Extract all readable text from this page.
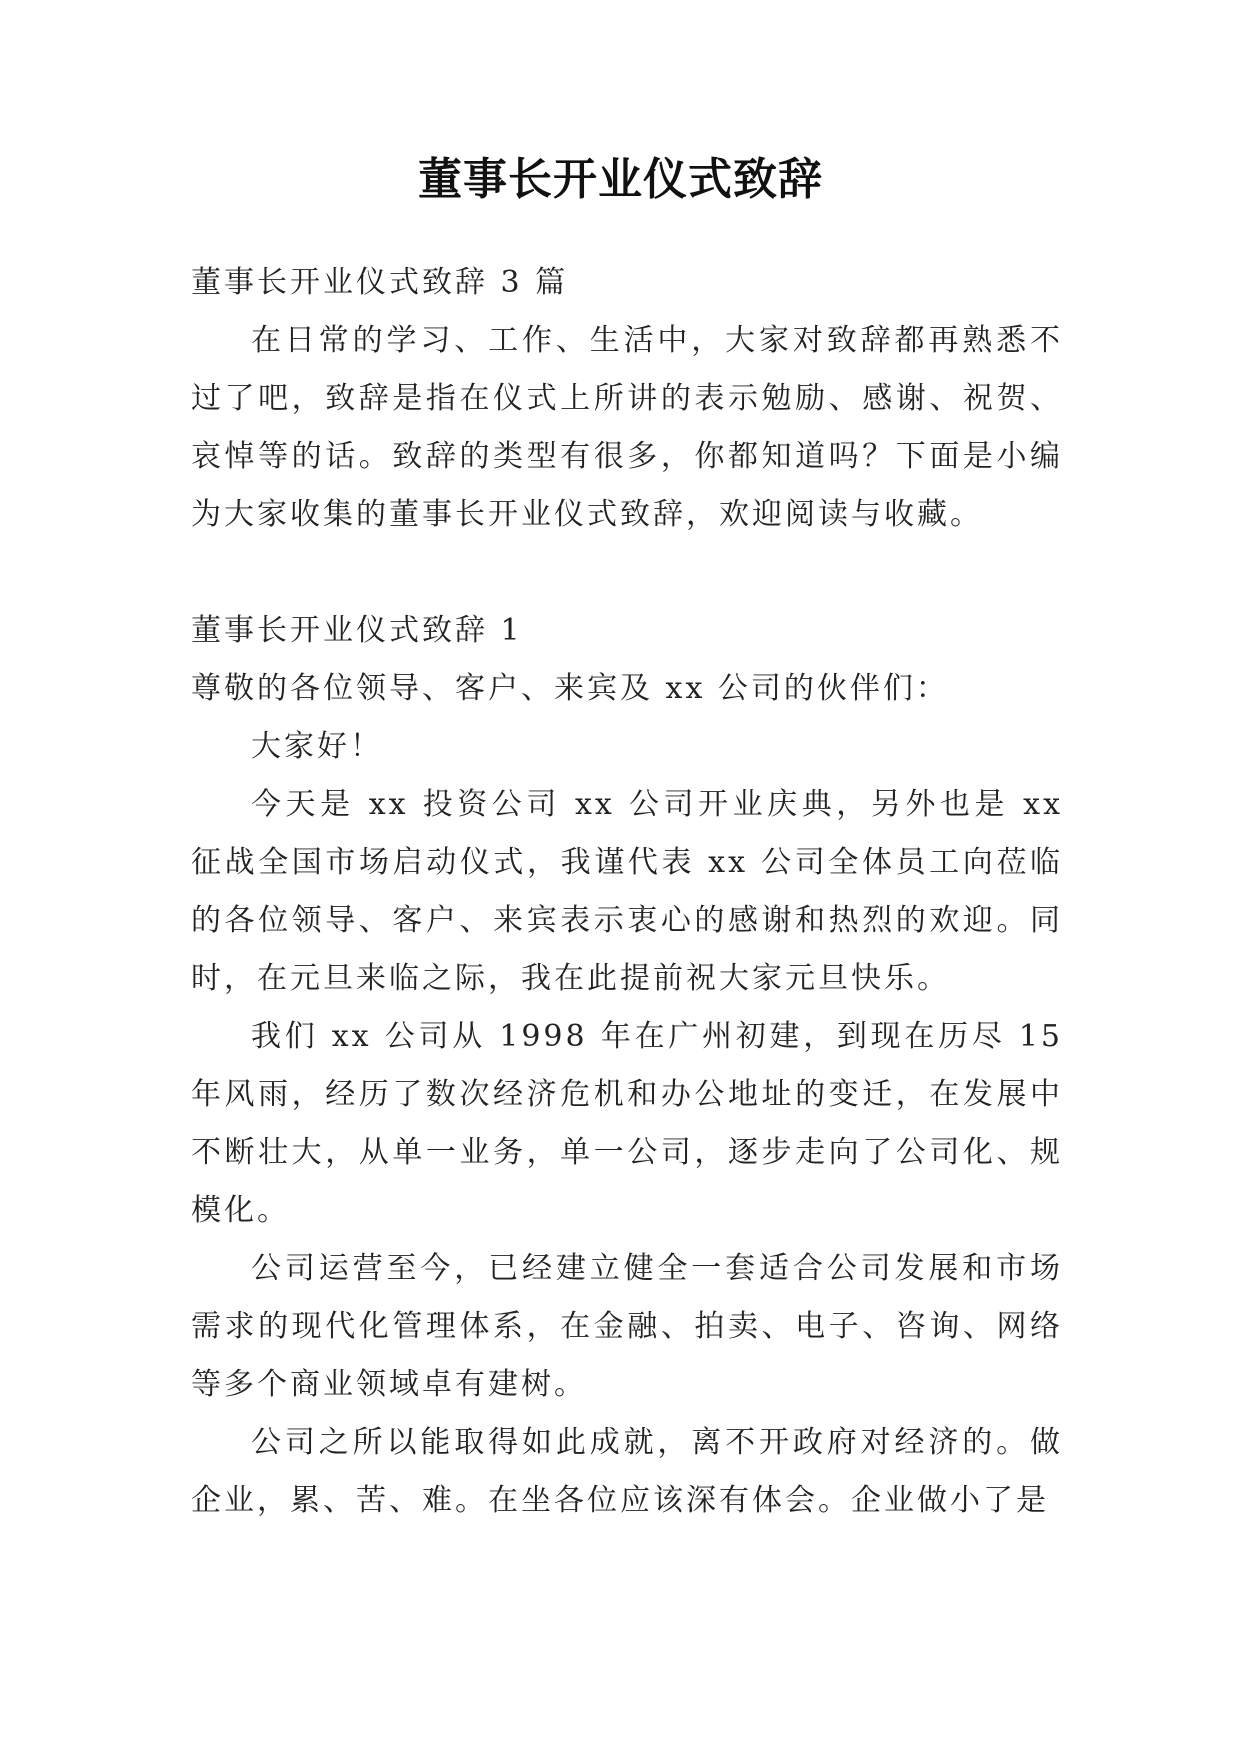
董事长开业仪式致辞

董事长开业仪式致辞 3 篇

在日常的学习、工作、生活中，大家对致辞都再熟悉不过了吧，致辞是指在仪式上所讲的表示勉励、感谢、祝贺、哀悼等的话。致辞的类型有很多，你都知道吗？下面是小编为大家收集的董事长开业仪式致辞，欢迎阅读与收藏。

董事长开业仪式致辞 1

尊敬的各位领导、客户、来宾及 xx 公司的伙伴们：

大家好！

今天是 xx 投资公司 xx 公司开业庆典，另外也是 xx 征战全国市场启动仪式，我谨代表 xx 公司全体员工向莅临的各位领导、客户、来宾表示衷心的感谢和热烈的欢迎。同时，在元旦来临之际，我在此提前祝大家元旦快乐。

我们 xx 公司从 1998 年在广州初建，到现在历尽 15 年风雨，经历了数次经济危机和办公地址的变迁，在发展中不断壮大，从单一业务，单一公司，逐步走向了公司化、规模化。

公司运营至今，已经建立健全一套适合公司发展和市场需求的现代化管理体系，在金融、拍卖、电子、咨询、网络等多个商业领域卓有建树。

公司之所以能取得如此成就，离不开政府对经济的。做企业，累、苦、难。在坐各位应该深有体会。企业做小了是
